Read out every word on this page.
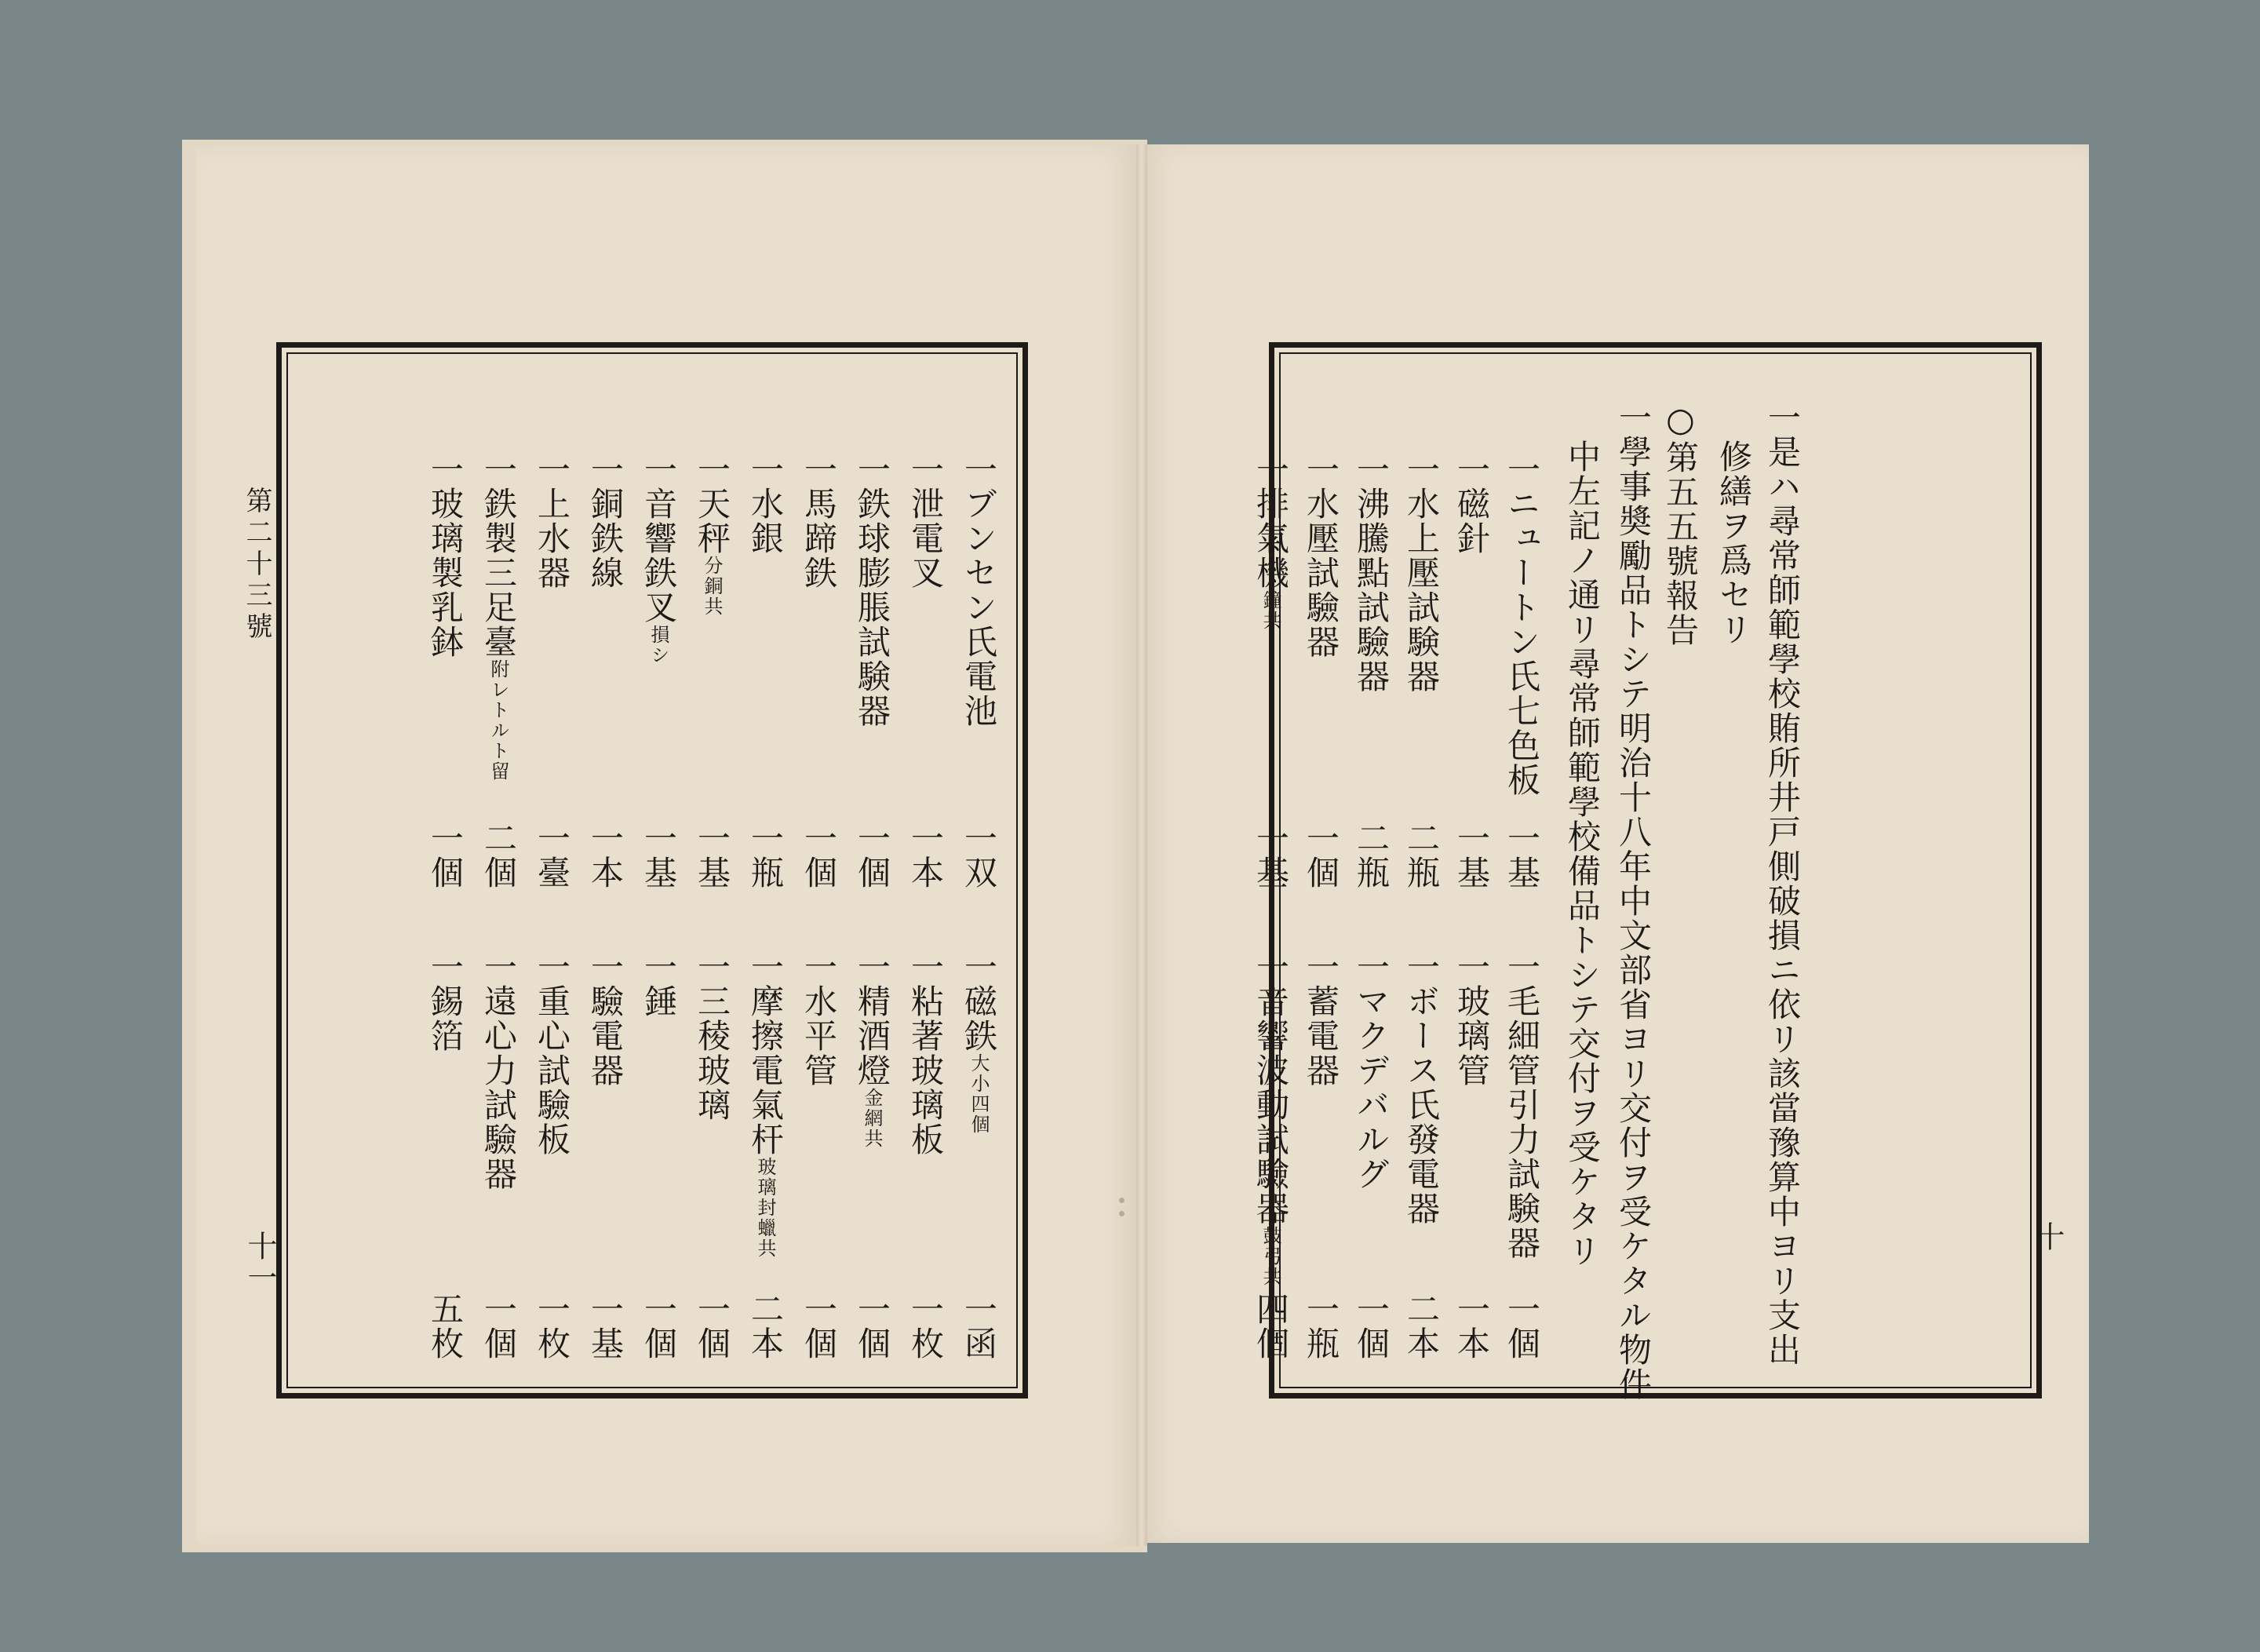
第二十三號
十一
一ブンセン氏電池
一双
一磁鉄大小四個
一函
一泄電叉
一本
一粘著玻璃板
一枚
一鉄球膨脹試験器
一個
一精酒燈金網共
一個
一馬蹄鉄
一個
一水平管
一個
一水銀
一瓶
一摩擦電氣杆玻璃封蠟共
二本
一天秤分銅共
一基
一三稜玻璃
一個
一音響鉄叉損シ
一基
一錘
一個
一銅鉄線
一本
一驗電器
一基
一上水器
一臺
一重心試驗板
一枚
一鉄製三足臺附レトルト留
二個
一遠心力試驗器
一個
一玻璃製乳鉢
一個
一錫箔
五枚
十
一是ハ尋常師範學校賄所井戸側破損ニ依リ該當豫算中ヨリ支出
修繕ヲ爲セリ
○第五五號報告
一學事奬勵品トシテ明治十八年中文部省ヨリ交付ヲ受ケタル物件
中左記ノ通リ尋常師範學校備品トシテ交付ヲ受ケタリ
一ニュートン氏七色板
一基
一毛細管引力試験器
一個
一磁針
一基
一玻璃管
一本
一水上壓試験器
二瓶
一ボース氏發電器
二本
一沸騰點試驗器
二瓶
一マクデバルグ
一個
一水壓試驗器
一個
一蓄電器
一瓶
一排氣機鐘共
一基
一音響波動試驗器鼓弓共
四個
